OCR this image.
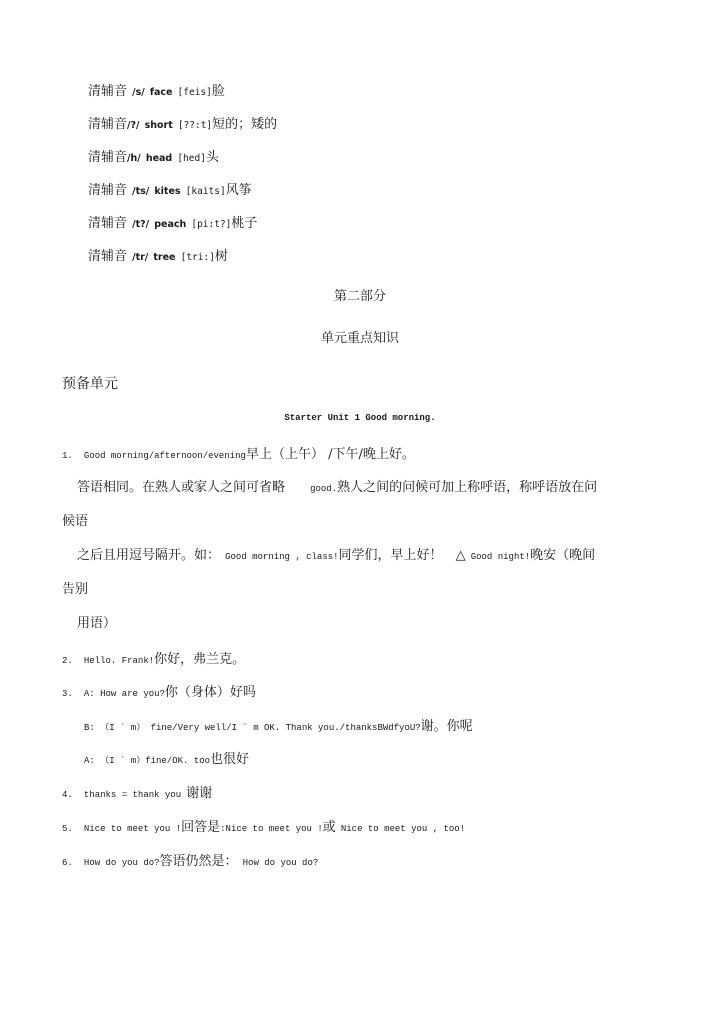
清辅音 /s/ face [feis]脸
清辅音/?/ short [??:t]短的；矮的
清辅音/h/ head [hed]头
清辅音 /ts/ kites [kaits]风筝
清辅音 /t?/ peach [pi:t?]桃子
清辅音 /tr/ tree [tri:]树
第二部分
单元重点知识
预备单元
Starter Unit 1 Good morning.
1. Good morning/afternoon/evening早上（上午） /下午/晚上好。
答语相同。在熟人或家人之间可省略	good.熟人之间的问候可加上称呼语，称呼语放在问
候语
之后且用逗号隔开。如： Good morning , class!同学们，早上好！ △ Good night!晚安（晚间
告别
用语）
2. Hello. Frank!你好，弗兰克。
3. A: How are you?你（身体）好吗
B: （I ` m） fine/Very well/I ` m OK. Thank you./thanksBWdfyoU?谢。你呢
A: （I ` m）fine/OK. too也很好
4. thanks = thank you 谢谢
5. Nice to meet you !回答是:Nice to meet you !或 Nice to meet you , too!
6. How do you do?答语仍然是： How do you do?
